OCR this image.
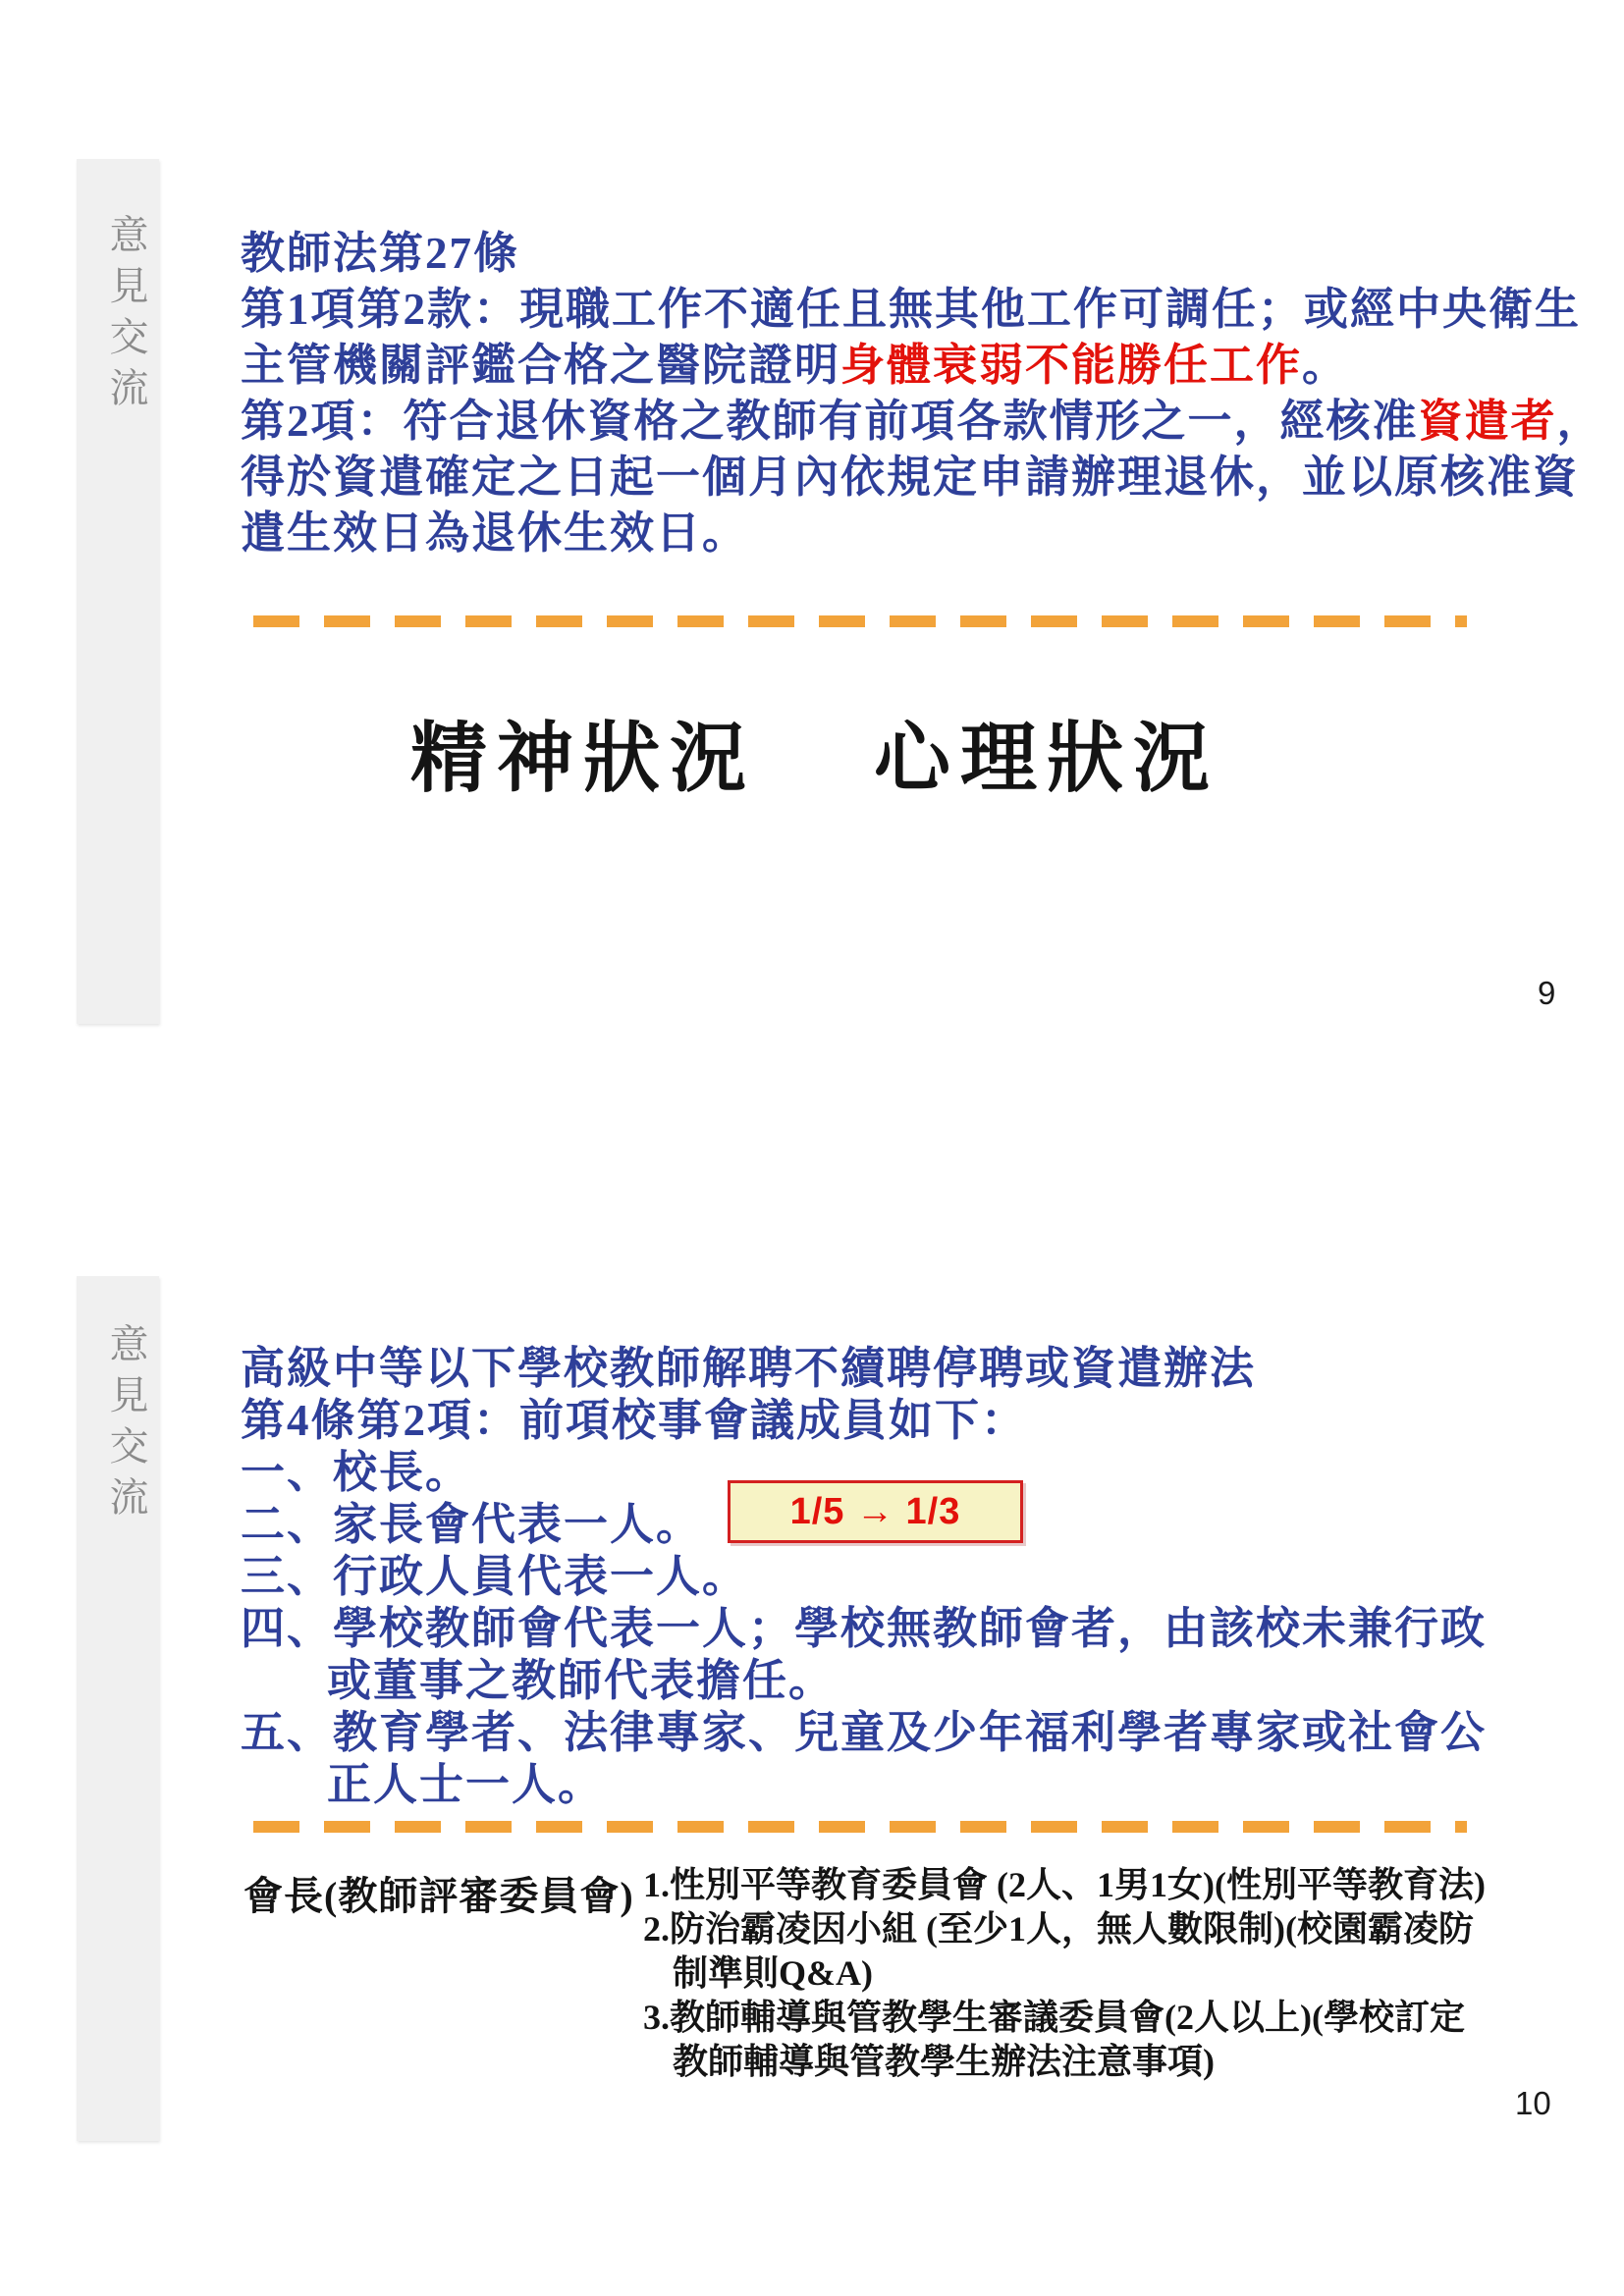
意見交流 教師法第27條
第1項第2款：現職工作不適任且無其他工作可調任；或經中央衛生
主管機關評鑑合格之醫院證明身體衰弱不能勝任工作。
第2項：符合退休資格之教師有前項各款情形之一，經核准資遣者，
得於資遣確定之日起一個月內依規定申請辦理退休，並以原核准資
遣生效日為退休生效日。
精神狀況 心理狀況
9
意見交流 高級中等以下學校教師解聘不續聘停聘或資遣辦法
第4條第2項：前項校事會議成員如下：
一、校長。
二、家長會代表一人。
三、行政人員代表一人。
四、學校教師會代表一人；學校無教師會者，由該校未兼行政
或董事之教師代表擔任。
五、教育學者、法律專家、兒童及少年福利學者專家或社會公
正人士一人。
1/5 → 1/3
會長(教師評審委員會) 1.性別平等教育委員會 (2人、1男1女)(性別平等教育法)
2.防治霸凌因小組 (至少1人，無人數限制)(校園霸凌防
制準則Q&A)
3.教師輔導與管教學生審議委員會(2人以上)(學校訂定
教師輔導與管教學生辦法注意事項)
10
